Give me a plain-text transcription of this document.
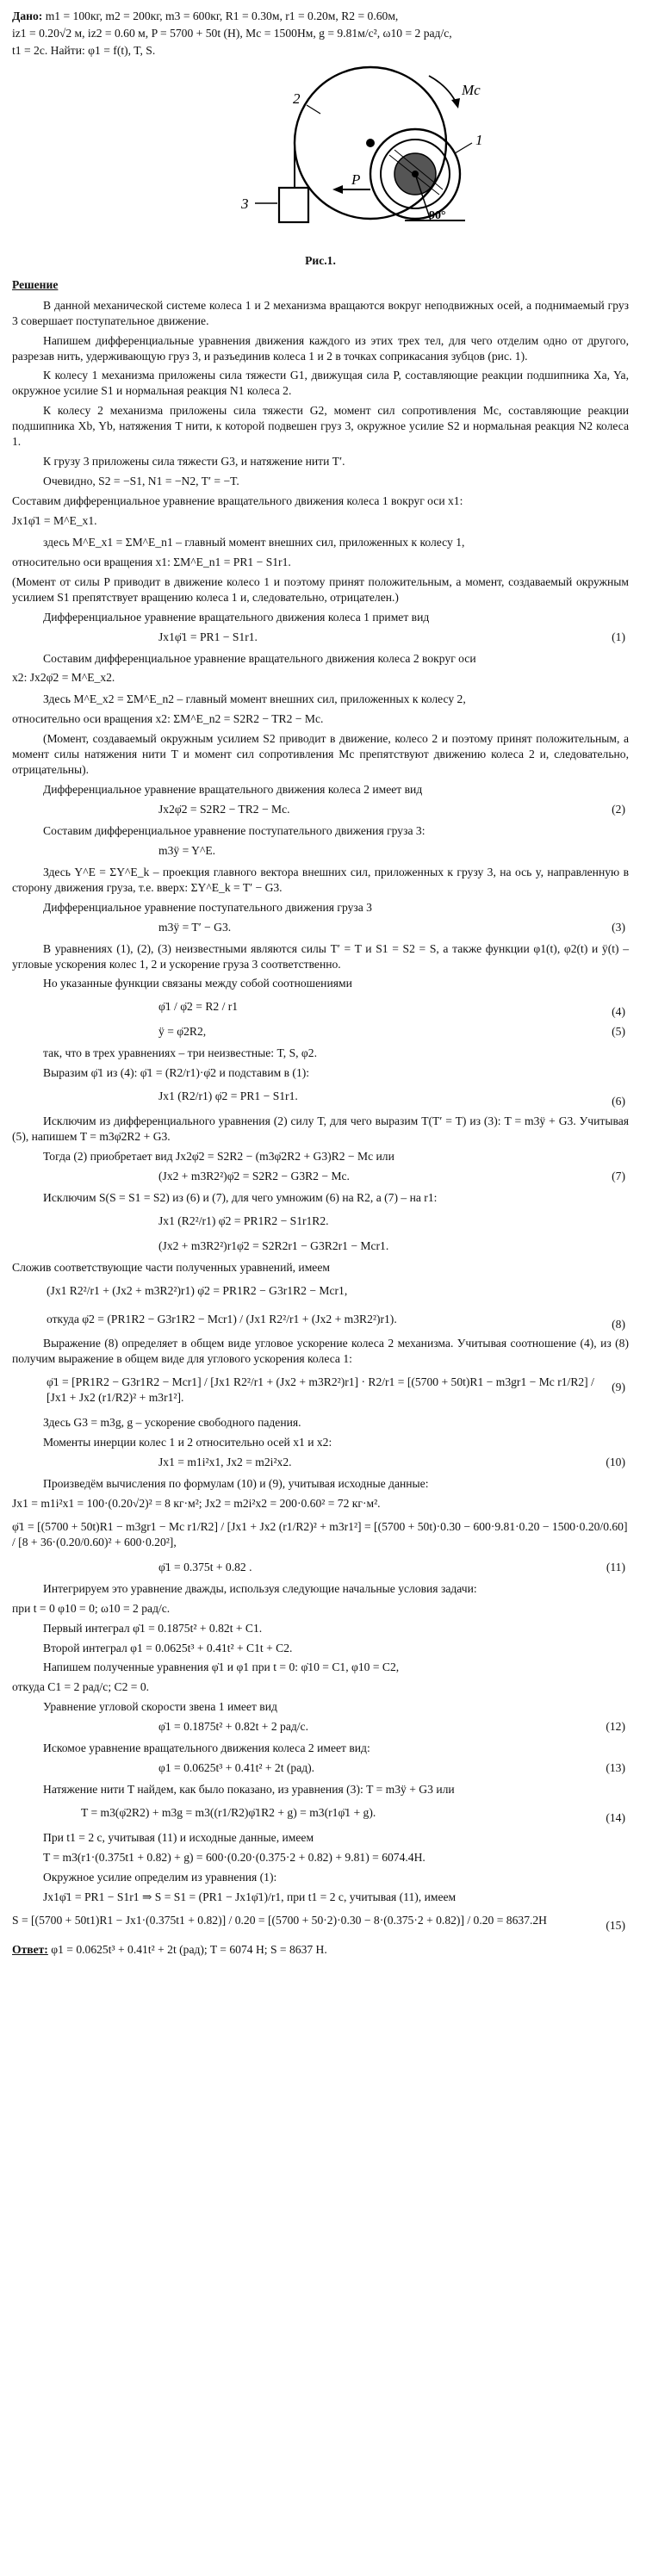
Дано: m1 = 100кг, m2 = 200кг, m3 = 600кг, R1 = 0.30м, r1 = 0.20м, R2 = 0.60м,
iz1 = 0.20√2 м, iz2 = 0.60 м, P = 5700 + 50t (Н), Mc = 1500Нм, g = 9.81м/с², ω10 = 2 рад/с,
t1 = 2с. Найти: φ1 = f(t), T, S.
2
1
Mc
3
P
90°
Рис.1.
Решение

В данной механической системе колеса 1 и 2 механизма вращаются вокруг неподвижных осей, а поднимаемый груз 3 совершает поступательное движение.

Напишем дифференциальные уравнения движения каждого из этих трех тел, для чего отделим одно от другого, разрезав нить, удерживающую груз 3, и разъединив колеса 1 и 2 в точках соприкасания зубцов (рис. 1).

К колесу 1 механизма приложены сила тяжести G1, движущая сила P, составляющие реакции подшипника Xa, Ya, окружное усилие S1 и нормальная реакция N1 колеса 2.

К колесу 2 механизма приложены сила тяжести G2, момент сил сопротивления Mc, составляющие реакции подшипника Xb, Yb, натяжения T нити, к которой подвешен груз 3, окружное усилие S2 и нормальная реакция N2 колеса 1.

К грузу 3 приложены сила тяжести G3, и натяжение нити T′.

Очевидно, S2 = −S1, N1 = −N2, T′ = −T.

Составим дифференциальное уравнение вращательного движения колеса 1 вокруг оси x1:

Jx1φ̈1 = M^E_x1.

здесь M^E_x1 = ΣM^E_n1 – главный момент внешних сил, приложенных к колесу 1,

относительно оси вращения x1: ΣM^E_n1 = PR1 − S1r1.

(Момент от силы P приводит в движение колесо 1 и поэтому принят положительным, а момент, создаваемый окружным усилием S1 препятствует вращению колеса 1 и, следовательно, отрицателен.)

Дифференциальное уравнение вращательного движения колеса 1 примет вид

Jx1φ̈1 = PR1 − S1r1.	(1)

Составим дифференциальное уравнение вращательного движения колеса 2 вокруг оси

x2: Jx2φ̈2 = M^E_x2.

Здесь M^E_x2 = ΣM^E_n2 – главный момент внешних сил, приложенных к колесу 2,

относительно оси вращения x2: ΣM^E_n2 = S2R2 − TR2 − Mc.

(Момент, создаваемый окружным усилием S2 приводит в движение, колесо 2 и поэтому принят положительным, а момент силы натяжения нити T и момент сил сопротивления Mc препятствуют движению колеса 2 и, следовательно, отрицательны).

Дифференциальное уравнение вращательного движения колеса 2 имеет вид

Jx2φ̈2 = S2R2 − TR2 − Mc.	(2)

Составим дифференциальное уравнение поступательного движения груза 3:

m3ÿ = Y^E.

Здесь Y^E = ΣY^E_k – проекция главного вектора внешних сил, приложенных к грузу 3, на ось y, направленную в сторону движения груза, т.е. вверх: ΣY^E_k = T′ − G3.

Дифференциальное уравнение поступательного движения груза 3

m3ÿ = T′ − G3.	(3)

В уравнениях (1), (2), (3) неизвестными являются силы T′ = T и S1 = S2 = S, а также функции φ1(t), φ2(t) и ÿ(t) – угловые ускорения колес 1, 2 и ускорение груза 3 соответственно.

Но указанные функции связаны между собой соотношениями

φ̈1 / φ̈2 = R2 / r1	(4)
ÿ = φ̈2R2,	(5)

так, что в трех уравнениях – три неизвестные: T, S, φ2.

Выразим φ̈1 из (4): φ̈1 = (R2/r1)·φ̈2 и подставим в (1):

Jx1 (R2/r1) φ̈2 = PR1 − S1r1.	(6)

Исключим из дифференциального уравнения (2) силу T, для чего выразим T(T′ = T) из (3): T = m3ÿ + G3. Учитывая (5), напишем T = m3φ̈2R2 + G3.

Тогда (2) приобретает вид Jx2φ̈2 = S2R2 − (m3φ̈2R2 + G3)R2 − Mc или

(Jx2 + m3R2²)φ̈2 = S2R2 − G3R2 − Mc.	(7)

Исключим S(S = S1 = S2) из (6) и (7), для чего умножим (6) на R2, а (7) – на r1:

Jx1 (R2²/r1) φ̈2 = PR1R2 − S1r1R2.
(Jx2 + m3R2²)r1φ̈2 = S2R2r1 − G3R2r1 − Mcr1.

Сложив соответствующие части полученных уравнений, имеем

(Jx1 R2²/r1 + (Jx2 + m3R2²)r1) φ̈2 = PR1R2 − G3r1R2 − Mcr1,
откуда φ̈2 = (PR1R2 − G3r1R2 − Mcr1) / (Jx1 R2²/r1 + (Jx2 + m3R2²)r1).	(8)

Выражение (8) определяет в общем виде угловое ускорение колеса 2 механизма. Учитывая соотношение (4), из (8) получим выражение в общем виде для углового ускорения колеса 1:

φ̈1 = [PR1R2 − G3r1R2 − Mcr1] / [Jx1 R2²/r1 + (Jx2 + m3R2²)r1] · R2/r1 = [(5700 + 50t)R1 − m3gr1 − Mc r1/R2] / [Jx1 + Jx2 (r1/R2)² + m3r1²].
(9)

Здесь G3 = m3g, g – ускорение свободного падения.

Моменты инерции колес 1 и 2 относительно осей x1 и x2:

Jx1 = m1i²x1, Jx2 = m2i²x2.	(10)

Произведём вычисления по формулам (10) и (9), учитывая исходные данные:

Jx1 = m1i²x1 = 100·(0.20√2)² = 8 кг·м²; Jx2 = m2i²x2 = 200·0.60² = 72 кг·м².

φ̈1 = [(5700 + 50t)R1 − m3gr1 − Mc r1/R2] / [Jx1 + Jx2 (r1/R2)² + m3r1²] = [(5700 + 50t)·0.30 − 600·9.81·0.20 − 1500·0.20/0.60] / [8 + 36·(0.20/0.60)² + 600·0.20²],
φ̈1 = 0.375t + 0.82 .	(11)

Интегрируем это уравнение дважды, используя следующие начальные условия задачи:

при t = 0 φ10 = 0; ω10 = 2 рад/с.

Первый интеграл φ̇1 = 0.1875t² + 0.82t + C1.

Второй интеграл φ1 = 0.0625t³ + 0.41t² + C1t + C2.

Напишем полученные уравнения φ̇1 и φ1 при t = 0: φ̇10 = C1, φ10 = C2,

откуда C1 = 2 рад/с; C2 = 0.

Уравнение угловой скорости звена 1 имеет вид

φ̇1 = 0.1875t² + 0.82t + 2 рад/с.	(12)

Искомое уравнение вращательного движения колеса 2 имеет вид:

φ1 = 0.0625t³ + 0.41t² + 2t (рад).	(13)

Натяжение нити T найдем, как было показано, из уравнения (3): T = m3ÿ + G3 или

T = m3(φ̈2R2) + m3g = m3((r1/R2)φ̈1R2 + g) = m3(r1φ̈1 + g).	(14)

При t1 = 2 с, учитывая (11) и исходные данные, имеем

T = m3(r1·(0.375t1 + 0.82) + g) = 600·(0.20·(0.375·2 + 0.82) + 9.81) = 6074.4Н.

Окружное усилие определим из уравнения (1):

Jx1φ̈1 = PR1 − S1r1 ⇒ S = S1 = (PR1 − Jx1φ̈1)/r1, при t1 = 2 с, учитывая (11), имеем

S = [(5700 + 50t1)R1 − Jx1·(0.375t1 + 0.82)] / 0.20 = [(5700 + 50·2)·0.30 − 8·(0.375·2 + 0.82)] / 0.20 = 8637.2Н	(15)
Ответ: φ1 = 0.0625t³ + 0.41t² + 2t (рад); T = 6074 Н; S = 8637 Н.
